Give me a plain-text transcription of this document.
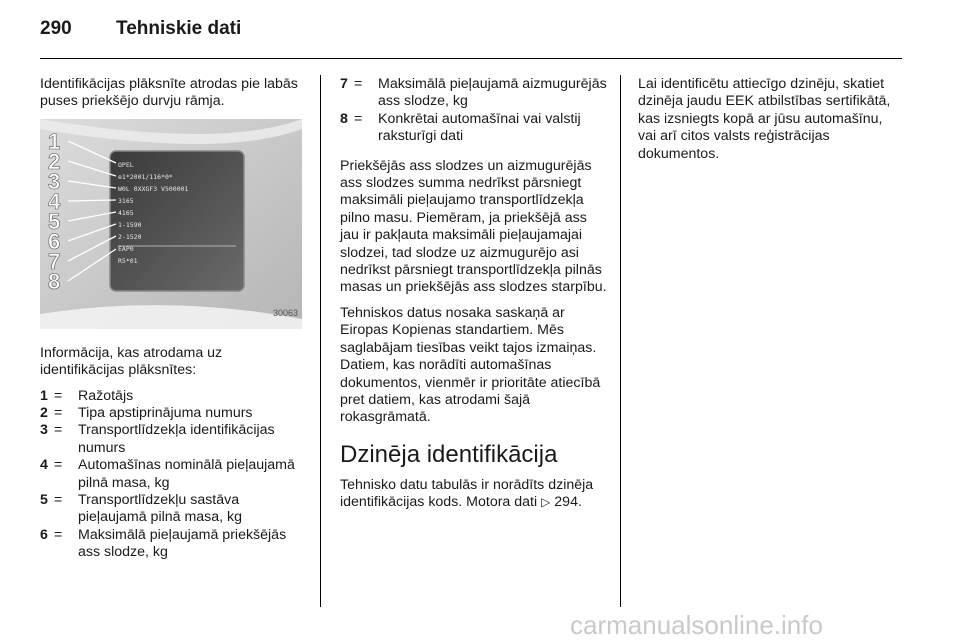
290	Tehniskie dati

Identifikācijas plāksnīte atrodas pie labās puses priekšējo durvju rāmja.

OPEL
e1*2001/116*0*
W0L 0XXGF3 V500001
3165
4165
1-1590
2-1520
EAP0
R5*01
1
2
3
4
5
6
7
8
30063

Informācija, kas atrodama uz identifikācijas plāksnītes:

1 =	Ražotājs
2 =	Tipa apstiprinājuma numurs
3 =	Transportlīdzekļa identifikācijas numurs
4 =	Automašīnas nominālā pieļaujamā pilnā masa, kg
5 =	Transportlīdzekļu sastāva pieļaujamā pilnā masa, kg
6 =	Maksimālā pieļaujamā priekšējās ass slodze, kg
7 =	Maksimālā pieļaujamā aizmugurējās ass slodze, kg
8 =	Konkrētai automašīnai vai valstij raksturīgi dati

Priekšējās ass slodzes un aizmugurējās ass slodzes summa nedrīkst pārsniegt maksimāli pieļaujamo transportlīdzekļa pilno masu. Piemēram, ja priekšējā ass jau ir pakļauta maksimāli pieļaujamajai slodzei, tad slodze uz aizmugurējo asi nedrīkst pārsniegt transportlīdzekļa pilnās masas un priekšējās ass slodzes starpību.

Tehniskos datus nosaka saskaņā ar Eiropas Kopienas standartiem. Mēs saglabājam tiesības veikt tajos izmaiņas. Datiem, kas norādīti automašīnas dokumentos, vienmēr ir prioritāte atiecībā pret datiem, kas atrodami šajā rokasgrāmatā.

Dzinēja identifikācija

Tehnisko datu tabulās ir norādīts dzinēja identifikācijas kods. Motora dati ▷ 294.

Lai identificētu attiecīgo dzinēju, skatiet dzinēja jaudu EEK atbilstības sertifikātā, kas izsniegts kopā ar jūsu automašīnu, vai arī citos valsts reģistrācijas dokumentos.

carmanualsonline.info
